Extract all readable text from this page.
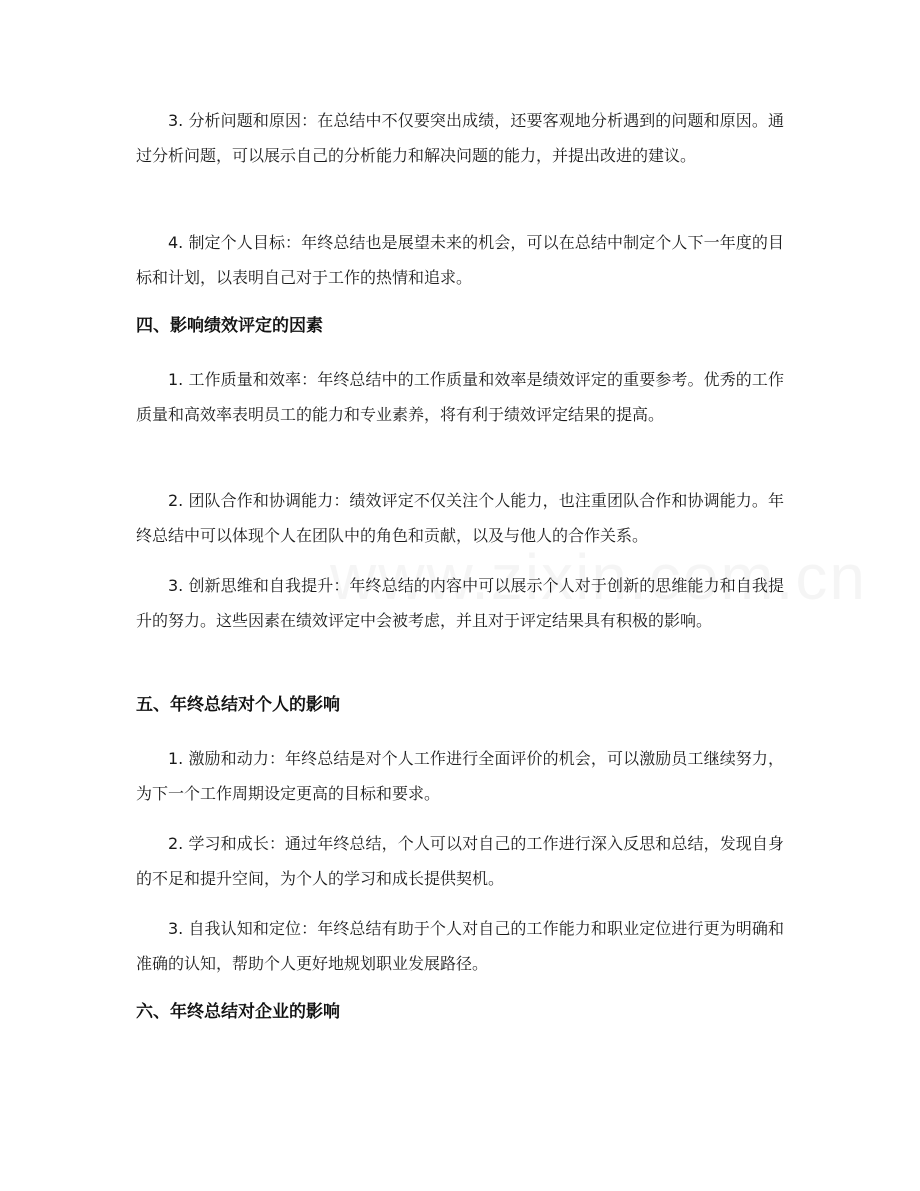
3. 分析问题和原因：在总结中不仅要突出成绩，还要客观地分析遇到的问题和原因。通过分析问题，可以展示自己的分析能力和解决问题的能力，并提出改进的建议。

4. 制定个人目标：年终总结也是展望未来的机会，可以在总结中制定个人下一年度的目标和计划，以表明自己对于工作的热情和追求。

四、影响绩效评定的因素

1. 工作质量和效率：年终总结中的工作质量和效率是绩效评定的重要参考。优秀的工作质量和高效率表明员工的能力和专业素养，将有利于绩效评定结果的提高。

2. 团队合作和协调能力：绩效评定不仅关注个人能力，也注重团队合作和协调能力。年终总结中可以体现个人在团队中的角色和贡献，以及与他人的合作关系。

3. 创新思维和自我提升：年终总结的内容中可以展示个人对于创新的思维能力和自我提升的努力。这些因素在绩效评定中会被考虑，并且对于评定结果具有积极的影响。

五、年终总结对个人的影响

1. 激励和动力：年终总结是对个人工作进行全面评价的机会，可以激励员工继续努力，为下一个工作周期设定更高的目标和要求。

2. 学习和成长：通过年终总结，个人可以对自己的工作进行深入反思和总结，发现自身的不足和提升空间，为个人的学习和成长提供契机。

3. 自我认知和定位：年终总结有助于个人对自己的工作能力和职业定位进行更为明确和准确的认知，帮助个人更好地规划职业发展路径。

六、年终总结对企业的影响
